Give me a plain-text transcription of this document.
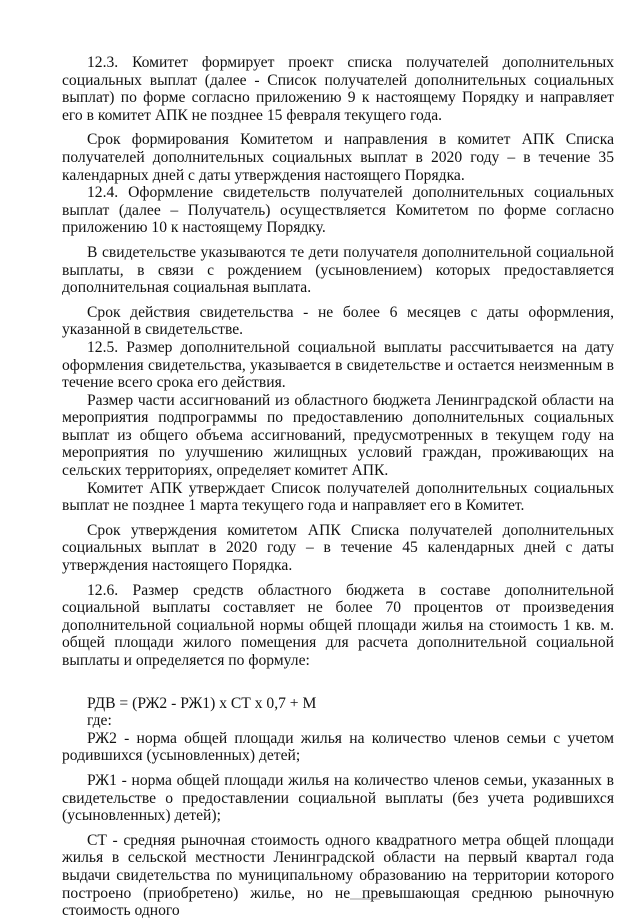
12.3. Комитет формирует проект списка получателей дополнительных социальных выплат (далее - Список получателей дополнительных социальных выплат) по форме согласно приложению 9 к настоящему Порядку и направляет его в комитет АПК не позднее 15 февраля текущего года.

Срок формирования Комитетом и направления в комитет АПК Списка получателей дополнительных социальных выплат в 2020 году – в течение 35 календарных дней с даты утверждения настоящего Порядка.

12.4. Оформление свидетельств получателей дополнительных социальных выплат (далее – Получатель) осуществляется Комитетом по форме согласно приложению 10 к настоящему Порядку.

В свидетельстве указываются те дети получателя дополнительной социальной выплаты, в связи с рождением (усыновлением) которых предоставляется дополнительная социальная выплата.

Срок действия свидетельства - не более 6 месяцев с даты оформления, указанной в свидетельстве.

12.5. Размер дополнительной социальной выплаты рассчитывается на дату оформления свидетельства, указывается в свидетельстве и остается неизменным в течение всего срока его действия.

Размер части ассигнований из областного бюджета Ленинградской области на мероприятия подпрограммы по предоставлению дополнительных социальных выплат из общего объема ассигнований, предусмотренных в текущем году на мероприятия по улучшению жилищных условий граждан, проживающих на сельских территориях, определяет комитет АПК.

Комитет АПК утверждает Список получателей дополнительных социальных выплат не позднее 1 марта текущего года и направляет его в Комитет.

Срок утверждения комитетом АПК Списка получателей дополнительных социальных выплат в 2020 году – в течение 45 календарных дней с даты утверждения настоящего Порядка.

12.6. Размер средств областного бюджета в составе дополнительной социальной выплаты составляет не более 70 процентов от произведения дополнительной социальной нормы общей площади жилья на стоимость 1 кв. м. общей площади жилого помещения для расчета дополнительной социальной выплаты и определяется по формуле:

РДВ = (РЖ2 - РЖ1) х СТ х 0,7 + М

где:

РЖ2 - норма общей площади жилья на количество членов семьи с учетом родившихся (усыновленных) детей;

РЖ1 - норма общей площади жилья на количество членов семьи, указанных в свидетельстве о предоставлении социальной выплаты (без учета родившихся (усыновленных) детей);

СТ - средняя рыночная стоимость одного квадратного метра общей площади жилья в сельской местности Ленинградской области на первый квартал года выдачи свидетельства по муниципальному образованию на территории которого построено (приобретено) жилье, но не превышающая среднюю рыночную стоимость одного
